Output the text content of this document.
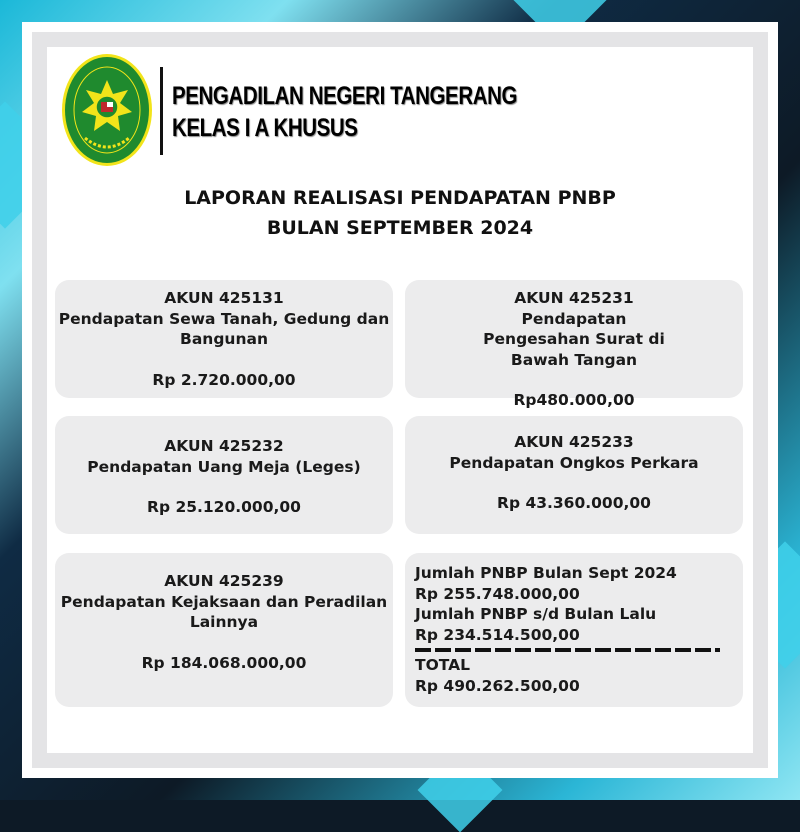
PENGADILAN NEGERI TANGERANG
KELAS I A KHUSUS
LAPORAN REALISASI PENDAPATAN PNBP
BULAN SEPTEMBER 2024
AKUN 425131
Pendapatan Sewa Tanah, Gedung dan Bangunan
Rp 2.720.000,00
AKUN 425231
Pendapatan Pengesahan Surat di Bawah Tangan
Rp480.000,00
AKUN 425232
Pendapatan Uang Meja (Leges)
Rp 25.120.000,00
AKUN 425233
Pendapatan Ongkos Perkara
Rp 43.360.000,00
AKUN 425239
Pendapatan Kejaksaan dan Peradilan Lainnya
Rp 184.068.000,00
Jumlah PNBP Bulan Sept 2024
Rp 255.748.000,00
Jumlah PNBP s/d Bulan Lalu
Rp 234.514.500,00
TOTAL
Rp 490.262.500,00
